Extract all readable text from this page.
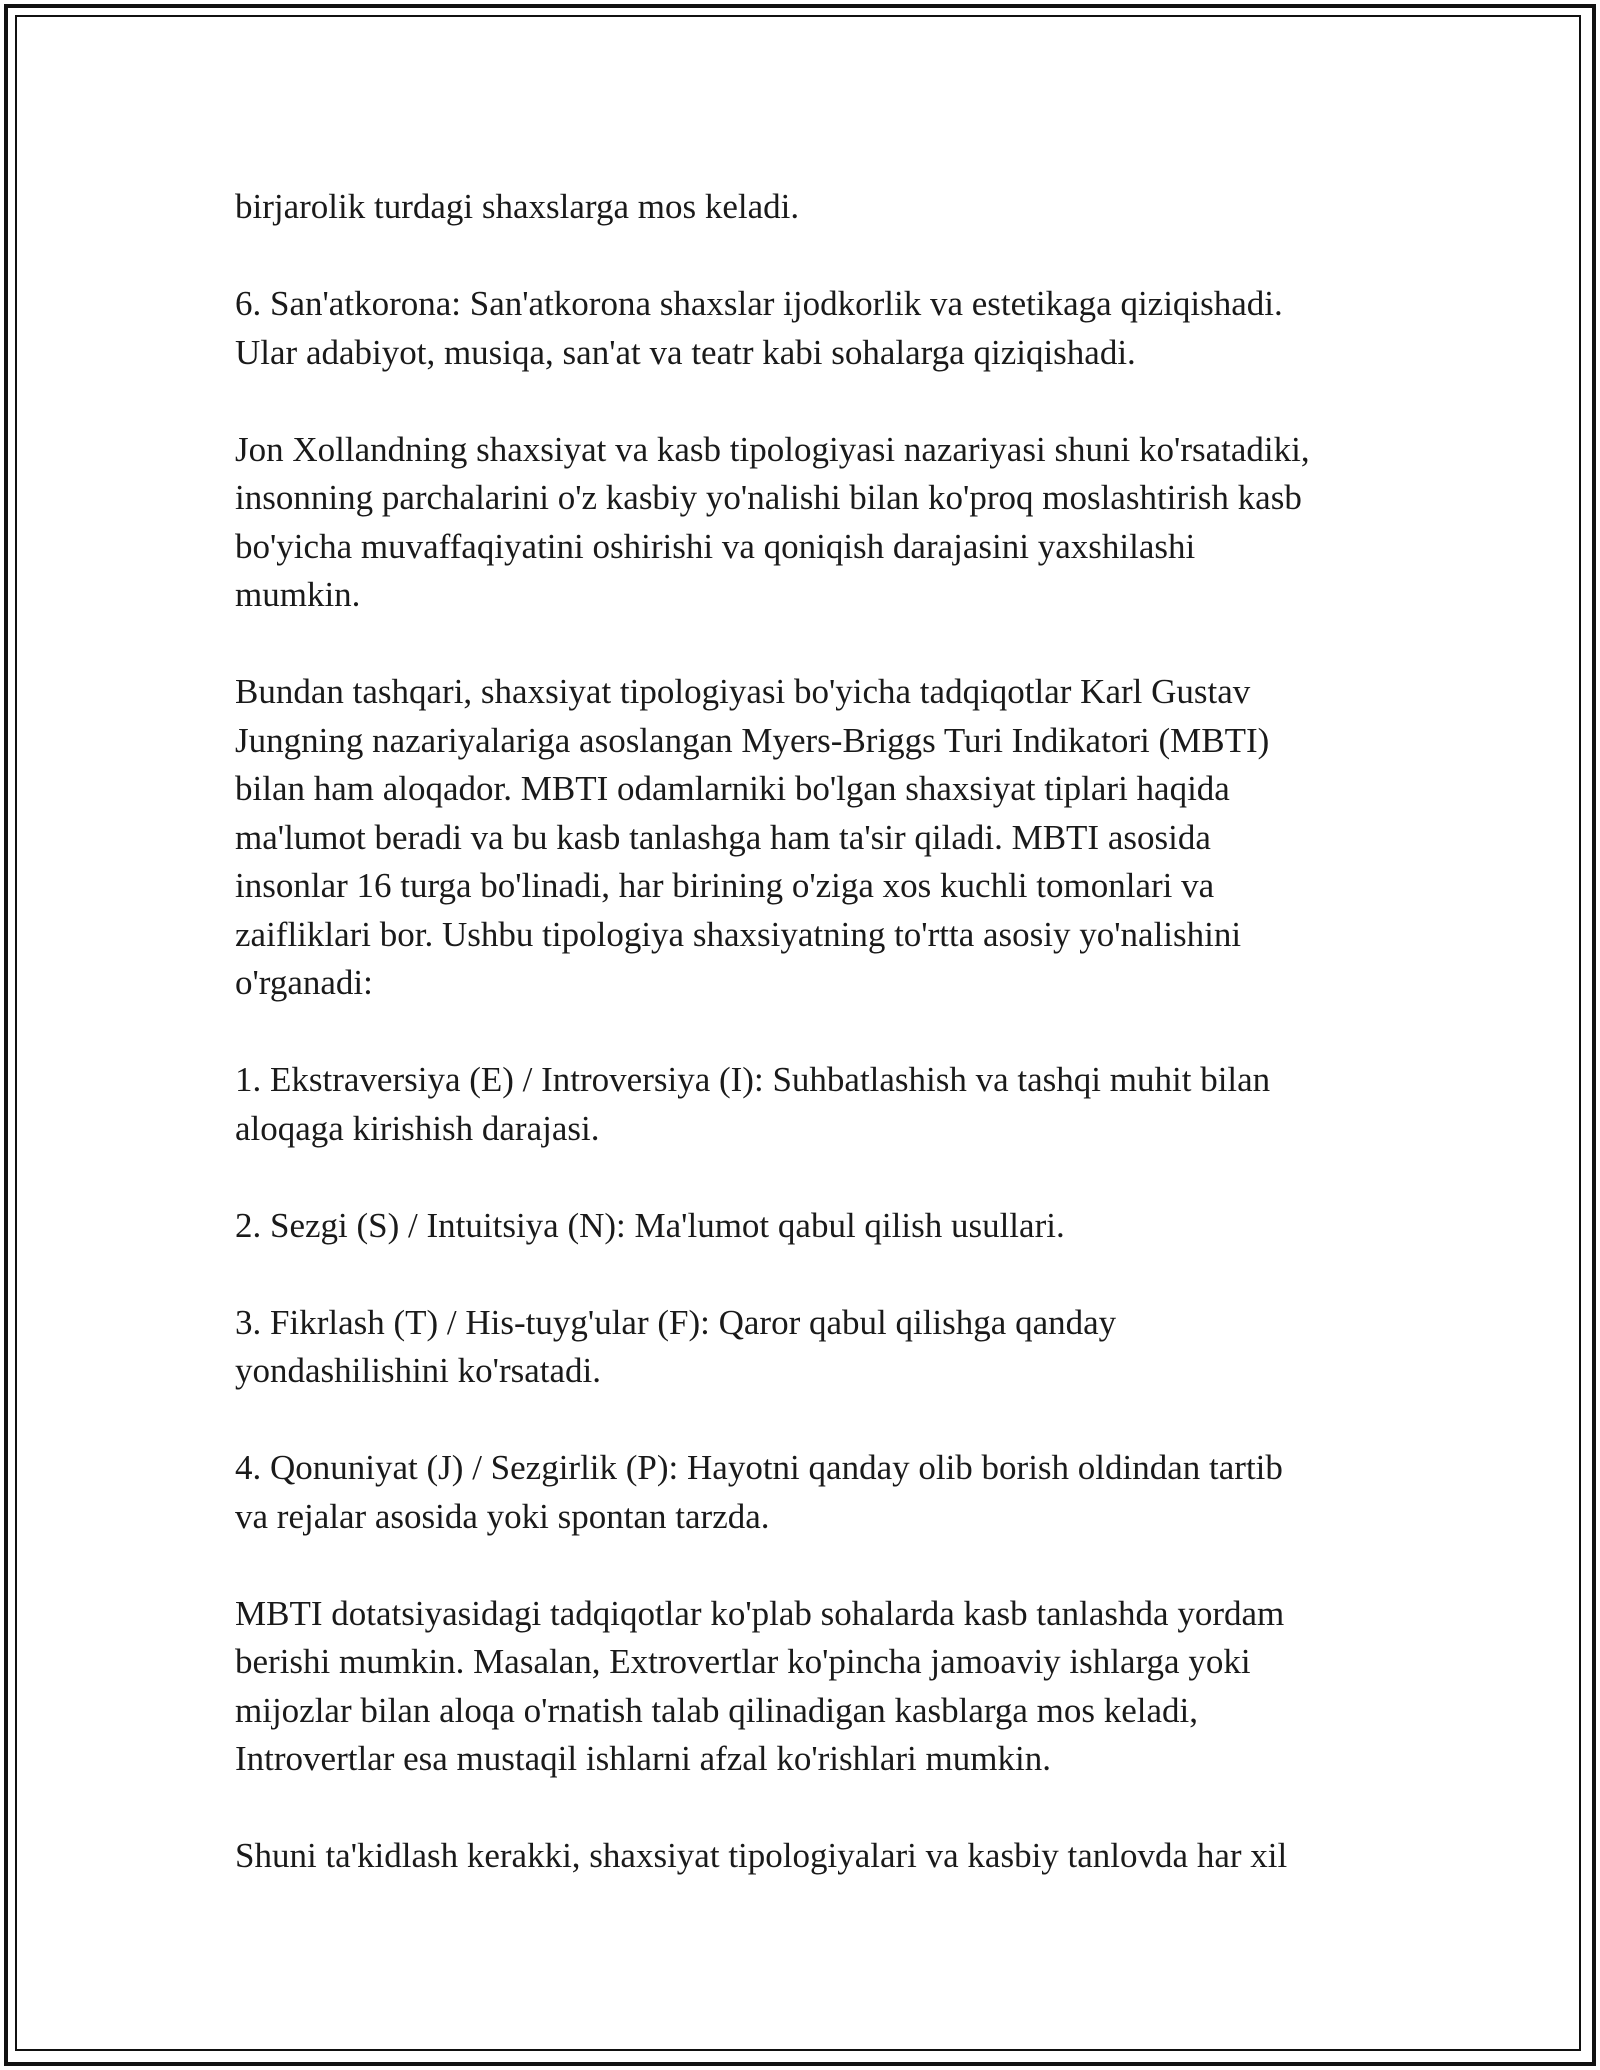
birjarolik turdagi shaxslarga mos keladi.

6. San'atkorona: San'atkorona shaxslar ijodkorlik va estetikaga qiziqishadi.
Ular adabiyot, musiqa, san'at va teatr kabi sohalarga qiziqishadi.

Jon Xollandning shaxsiyat va kasb tipologiyasi nazariyasi shuni ko'rsatadiki,
insonning parchalarini o'z kasbiy yo'nalishi bilan ko'proq moslashtirish kasb
bo'yicha muvaffaqiyatini oshirishi va qoniqish darajasini yaxshilashi
mumkin.

Bundan tashqari, shaxsiyat tipologiyasi bo'yicha tadqiqotlar Karl Gustav
Jungning nazariyalariga asoslangan Myers-Briggs Turi Indikatori (MBTI)
bilan ham aloqador. MBTI odamlarniki bo'lgan shaxsiyat tiplari haqida
ma'lumot beradi va bu kasb tanlashga ham ta'sir qiladi. MBTI asosida
insonlar 16 turga bo'linadi, har birining o'ziga xos kuchli tomonlari va
zaifliklari bor. Ushbu tipologiya shaxsiyatning to'rtta asosiy yo'nalishini
o'rganadi:

1. Ekstraversiya (E) / Introversiya (I): Suhbatlashish va tashqi muhit bilan
aloqaga kirishish darajasi.

2. Sezgi (S) / Intuitsiya (N): Ma'lumot qabul qilish usullari.

3. Fikrlash (T) / His-tuyg'ular (F): Qaror qabul qilishga qanday
yondashilishini ko'rsatadi.

4. Qonuniyat (J) / Sezgirlik (P): Hayotni qanday olib borish oldindan tartib
va rejalar asosida yoki spontan tarzda.

MBTI dotatsiyasidagi tadqiqotlar ko'plab sohalarda kasb tanlashda yordam
berishi mumkin. Masalan, Extrovertlar ko'pincha jamoaviy ishlarga yoki
mijozlar bilan aloqa o'rnatish talab qilinadigan kasblarga mos keladi,
Introvertlar esa mustaqil ishlarni afzal ko'rishlari mumkin.

Shuni ta'kidlash kerakki, shaxsiyat tipologiyalari va kasbiy tanlovda har xil
